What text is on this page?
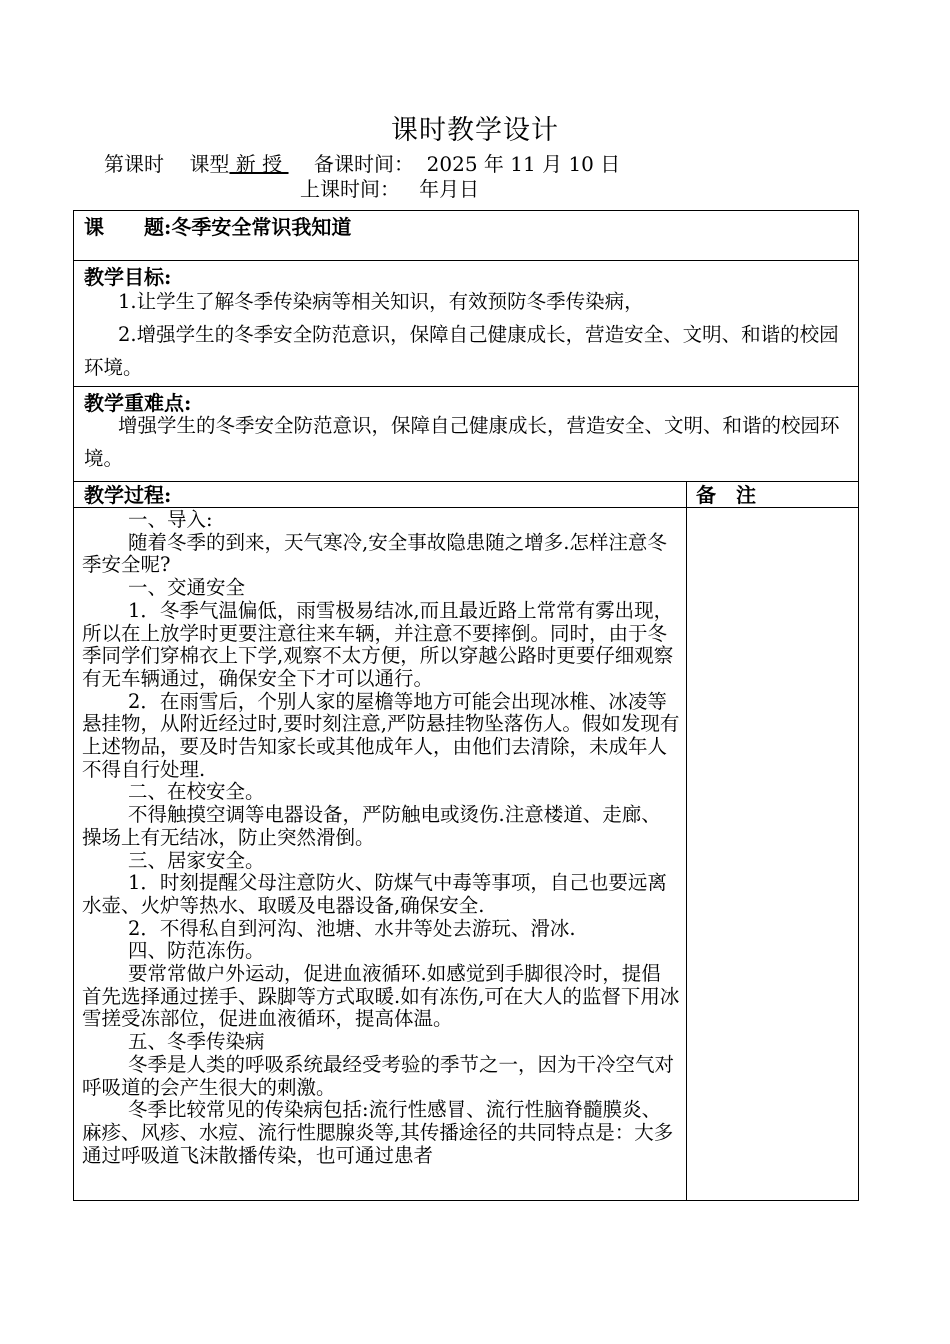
课时教学设计
第课时 课型 新 授     备课时间： 2025 年 11 月 10 日
上课时间： 年月日
课　　题:冬季安全常识我知道
教学目标:
1.让学生了解冬季传染病等相关知识，有效预防冬季传染病，
2.增强学生的冬季安全防范意识，保障自己健康成长，营造安全、文明、和谐的校园环境。
教学重难点:
增强学生的冬季安全防范意识，保障自己健康成长，营造安全、文明、和谐的校园环境。
教学过程:	备　注

一、导入:

随着冬季的到来，天气寒冷,安全事故隐患随之增多.怎样注意冬季安全呢?

一、交通安全

1．冬季气温偏低，雨雪极易结冰,而且最近路上常常有雾出现，所以在上放学时更要注意往来车辆，并注意不要摔倒。同时，由于冬季同学们穿棉衣上下学,观察不太方便，所以穿越公路时更要仔细观察有无车辆通过，确保安全下才可以通行。

2．在雨雪后，个别人家的屋檐等地方可能会出现冰椎、冰凌等悬挂物，从附近经过时,要时刻注意,严防悬挂物坠落伤人。假如发现有上述物品，要及时告知家长或其他成年人，由他们去清除，未成年人不得自行处理.

二、在校安全。

不得触摸空调等电器设备，严防触电或烫伤.注意楼道、走廊、操场上有无结冰，防止突然滑倒。

三、居家安全。

1．时刻提醒父母注意防火、防煤气中毒等事项，自己也要远离水壶、火炉等热水、取暖及电器设备,确保安全.

2．不得私自到河沟、池塘、水井等处去游玩、滑冰.

四、防范冻伤。

要常常做户外运动，促进血液循环.如感觉到手脚很冷时，提倡首先选择通过搓手、跺脚等方式取暖.如有冻伤,可在大人的监督下用冰雪搓受冻部位，促进血液循环，提高体温。

五、冬季传染病

冬季是人类的呼吸系统最经受考验的季节之一，因为干冷空气对呼吸道的会产生很大的刺激。

冬季比较常见的传染病包括:流行性感冒、流行性脑脊髓膜炎、麻疹、风疹、水痘、流行性腮腺炎等,其传播途径的共同特点是：大多通过呼吸道飞沫散播传染，也可通过患者
